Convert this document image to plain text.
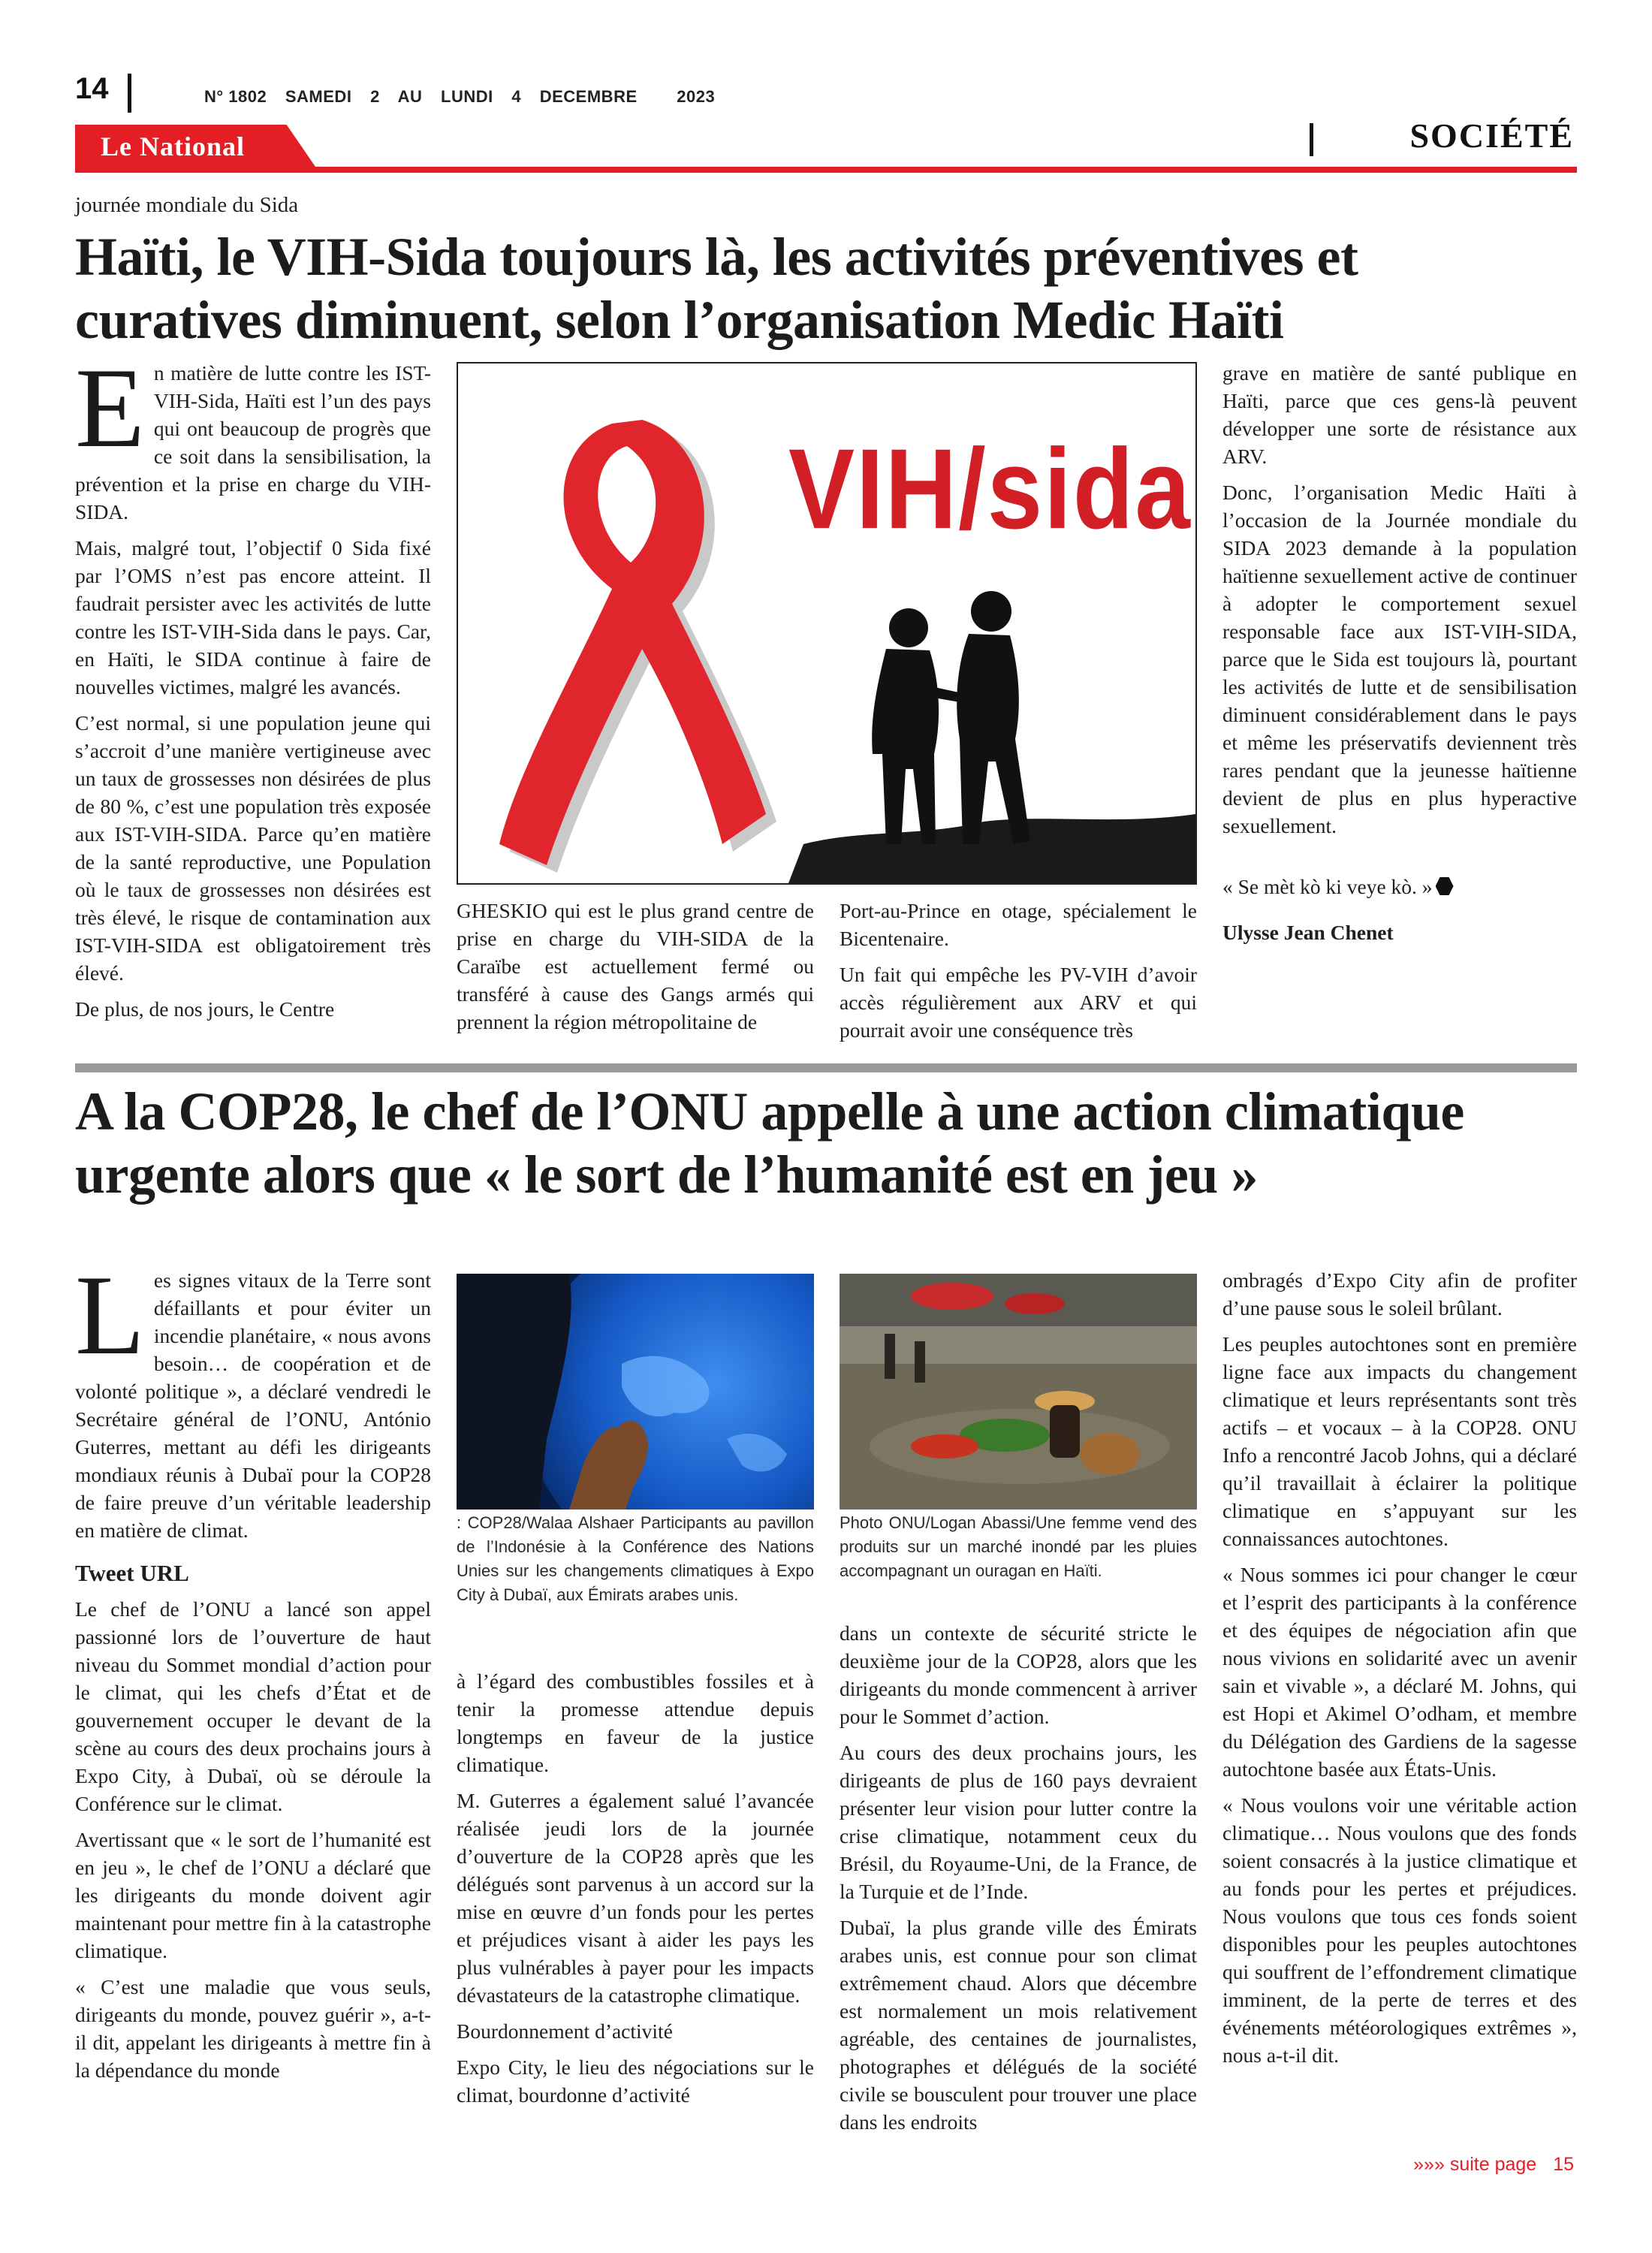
14	N° 1802 SAMEDI 2 AU LUNDI 4 DECEMBRE 2023
SOCIÉTÉ
Le National
journée mondiale du Sida
Haïti, le VIH-Sida toujours là, les activités préventives et curatives diminuent, selon l’organisation Medic Haïti

En matière de lutte contre les IST-VIH-Sida, Haïti est l’un des pays qui ont beaucoup de progrès que ce soit dans la sensibilisation, la prévention et la prise en charge du VIH-SIDA.

Mais, malgré tout, l’objectif 0 Sida fixé par l’OMS n’est pas encore atteint. Il faudrait persister avec les activités de lutte contre les IST-VIH-Sida dans le pays. Car, en Haïti, le SIDA continue à faire de nouvelles victimes, malgré les avancés.

C’est normal, si une population jeune qui s’accroit d’une manière vertigineuse avec un taux de grossesses non désirées de plus de 80 %, c’est une population très exposée aux IST-VIH-SIDA. Parce qu’en matière de la santé reproductive, une Population où le taux de grossesses non désirées est très élevé, le risque de contamination aux IST-VIH-SIDA est obligatoirement très élevé.

De plus, de nos jours, le Centre

VIH/sida

GHESKIO qui est le plus grand centre de prise en charge du VIH-SIDA de la Caraïbe est actuellement fermé ou transféré à cause des Gangs armés qui prennent la région métropolitaine de

Port-au-Prince en otage, spécialement le Bicentenaire.

Un fait qui empêche les PV-VIH d’avoir accès régulièrement aux ARV et qui pourrait avoir une conséquence très

grave en matière de santé publique en Haïti, parce que ces gens-là peuvent développer une sorte de résistance aux ARV.

Donc, l’organisation Medic Haïti à l’occasion de la Journée mondiale du SIDA 2023 demande à la population haïtienne sexuellement active de continuer à adopter le comportement sexuel responsable face aux IST-VIH-SIDA, parce que le Sida est toujours là, pourtant les activités de lutte et de sensibilisation diminuent considérablement dans le pays et même les préservatifs deviennent très rares pendant que la jeunesse haïtienne devient de plus en plus hyperactive sexuellement.

« Se mèt kò ki veye kò. »

Ulysse Jean Chenet

A la COP28, le chef de l’ONU appelle à une action climatique urgente alors que « le sort de l’humanité est en jeu »

Les signes vitaux de la Terre sont défaillants et pour éviter un incendie planétaire, « nous avons besoin… de coopération et de volonté politique », a déclaré vendredi le Secrétaire général de l’ONU, António Guterres, mettant au défi les dirigeants mondiaux réunis à Dubaï pour la COP28 de faire preuve d’un véritable leadership en matière de climat.

Tweet URL

Le chef de l’ONU a lancé son appel passionné lors de l’ouverture de haut niveau du Sommet mondial d’action pour le climat, qui les chefs d’État et de gouvernement occuper le devant de la scène au cours des deux prochains jours à Expo City, à Dubaï, où se déroule la Conférence sur le climat.

Avertissant que « le sort de l’humanité est en jeu », le chef de l’ONU a déclaré que les dirigeants du monde doivent agir maintenant pour mettre fin à la catastrophe climatique.

« C’est une maladie que vous seuls, dirigeants du monde, pouvez guérir », a-t-il dit, appelant les dirigeants à mettre fin à la dépendance du monde

: COP28/Walaa Alshaer Participants au pavillon de l’Indonésie à la Conférence des Nations Unies sur les changements climatiques à Expo City à Dubaï, aux Émirats arabes unis.
Photo ONU/Logan Abassi/Une femme vend des produits sur un marché inondé par les pluies accompagnant un ouragan en Haïti.

à l’égard des combustibles fossiles et à tenir la promesse attendue depuis longtemps en faveur de la justice climatique.

M. Guterres a également salué l’avancée réalisée jeudi lors de la journée d’ouverture de la COP28 après que les délégués sont parvenus à un accord sur la mise en œuvre d’un fonds pour les pertes et préjudices visant à aider les pays les plus vulnérables à payer pour les impacts dévastateurs de la catastrophe climatique.

Bourdonnement d’activité

Expo City, le lieu des négociations sur le climat, bourdonne d’activité

dans un contexte de sécurité stricte le deuxième jour de la COP28, alors que les dirigeants du monde commencent à arriver pour le Sommet d’action.

Au cours des deux prochains jours, les dirigeants de plus de 160 pays devraient présenter leur vision pour lutter contre la crise climatique, notamment ceux du Brésil, du Royaume-Uni, de la France, de la Turquie et de l’Inde.

Dubaï, la plus grande ville des Émirats arabes unis, est connue pour son climat extrêmement chaud. Alors que décembre est normalement un mois relativement agréable, des centaines de journalistes, photographes et délégués de la société civile se bousculent pour trouver une place dans les endroits

ombragés d’Expo City afin de profiter d’une pause sous le soleil brûlant.

Les peuples autochtones sont en première ligne face aux impacts du changement climatique et leurs représentants sont très actifs – et vocaux – à la COP28. ONU Info a rencontré Jacob Johns, qui a déclaré qu’il travaillait à éclairer la politique climatique en s’appuyant sur les connaissances autochtones.

« Nous sommes ici pour changer le cœur et l’esprit des participants à la conférence et des équipes de négociation afin que nous vivions en solidarité avec un avenir sain et vivable », a déclaré M. Johns, qui est Hopi et Akimel O’odham, et membre du Délégation des Gardiens de la sagesse autochtone basée aux États-Unis.

« Nous voulons voir une véritable action climatique… Nous voulons que des fonds soient consacrés à la justice climatique et au fonds pour les pertes et préjudices. Nous voulons que tous ces fonds soient disponibles pour les peuples autochtones qui souffrent de l’effondrement climatique imminent, de la perte de terres et des événements météorologiques extrêmes », nous a-t-il dit.

»»» suite page 15
